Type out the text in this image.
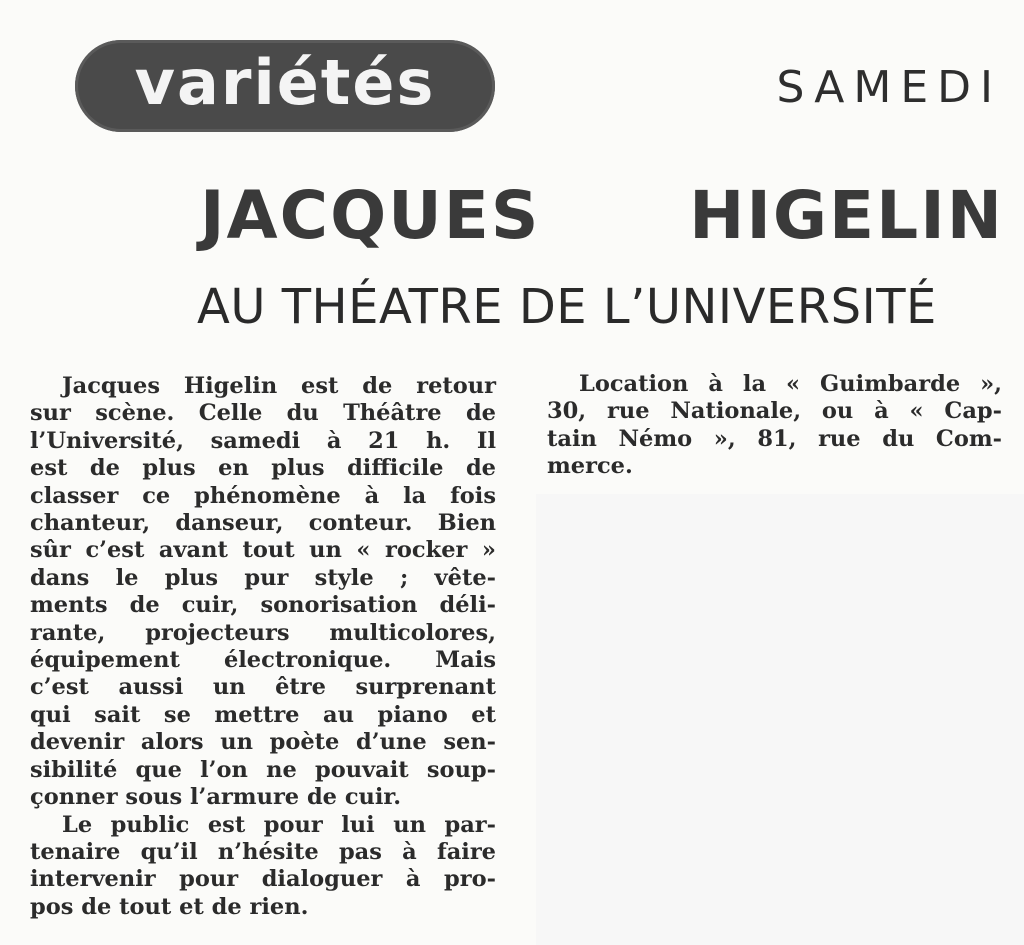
variétés	SAMEDI
JACQUES HIGELIN
AU THÉATRE DE L’UNIVERSITÉ
Jacques Higelin est de retour
sur scène. Celle du Théâtre de
l’Université, samedi à 21 h. Il
est de plus en plus difficile de
classer ce phénomène à la fois
chanteur, danseur, conteur. Bien
sûr c’est avant tout un « rocker »
dans le plus pur style ; vête-
ments de cuir, sonorisation déli-
rante, projecteurs multicolores,
équipement électronique. Mais
c’est aussi un être surprenant
qui sait se mettre au piano et
devenir alors un poète d’une sen-
sibilité que l’on ne pouvait soup-
çonner sous l’armure de cuir.
Le public est pour lui un par-
tenaire qu’il n’hésite pas à faire
intervenir pour dialoguer à pro-
pos de tout et de rien.
Location à la « Guimbarde »,
30, rue Nationale, ou à « Cap-
tain Némo », 81, rue du Com-
merce.
